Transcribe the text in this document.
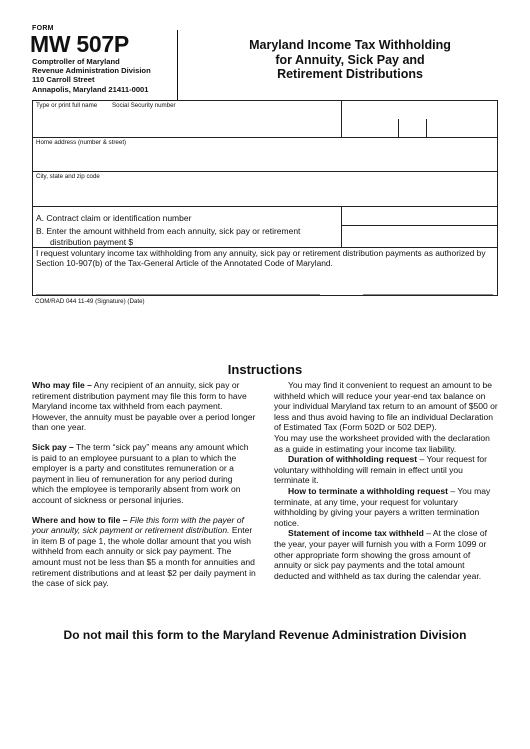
FORM
MW 507P
Comptroller of Maryland
Revenue Administration Division
110 Carroll Street
Annapolis, Maryland 21411-0001
Maryland Income Tax Withholding
for Annuity, Sick Pay and
Retirement Distributions
Type or print full name Social Security number
Home address (number & street)
City, state and zip code
A. Contract claim or identification number
B. Enter the amount withheld from each annuity, sick pay or retirement
distribution payment $
I request voluntary income tax withholding from any annuity, sick pay or retirement distribution payments as authorized by Section 10-907(b) of the Tax-General Article of the Annotated Code of Maryland.
COM/RAD 044 11-49 (Signature) (Date)
Instructions

Who may file – Any recipient of an annuity, sick pay or retirement distribution payment may file this form to have Maryland income tax withheld from each payment. However, the annuity must be payable over a period longer than one year.

Sick pay – The term “sick pay” means any amount which is paid to an employee pursuant to a plan to which the employer is a party and constitutes remuneration or a payment in lieu of remuneration for any period during which the employee is temporarily absent from work on account of sickness or personal injuries.

Where and how to file – File this form with the payer of your annuity, sick payment or retirement distribution. Enter in item B of page 1, the whole dollar amount that you wish withheld from each annuity or sick pay payment. The amount must not be less than $5 a month for annuities and retirement distributions and at least $2 per daily payment in the case of sick pay.

You may find it convenient to request an amount to be withheld which will reduce your year-end tax balance on your individual Maryland tax return to an amount of $500 or less and thus avoid having to file an individual Declaration of Estimated Tax (Form 502D or 502 DEP).

You may use the worksheet provided with the declaration as a guide in estimating your income tax liability.

Duration of withholding request – Your request for voluntary withholding will remain in effect until you terminate it.

How to terminate a withholding request – You may terminate, at any time, your request for voluntary withholding by giving your payers a written termination notice.

Statement of income tax withheld – At the close of the year, your payer will furnish you with a Form 1099 or other appropriate form showing the gross amount of annuity or sick pay payments and the total amount deducted and withheld as tax during the calendar year.

Do not mail this form to the Maryland Revenue Administration Division
